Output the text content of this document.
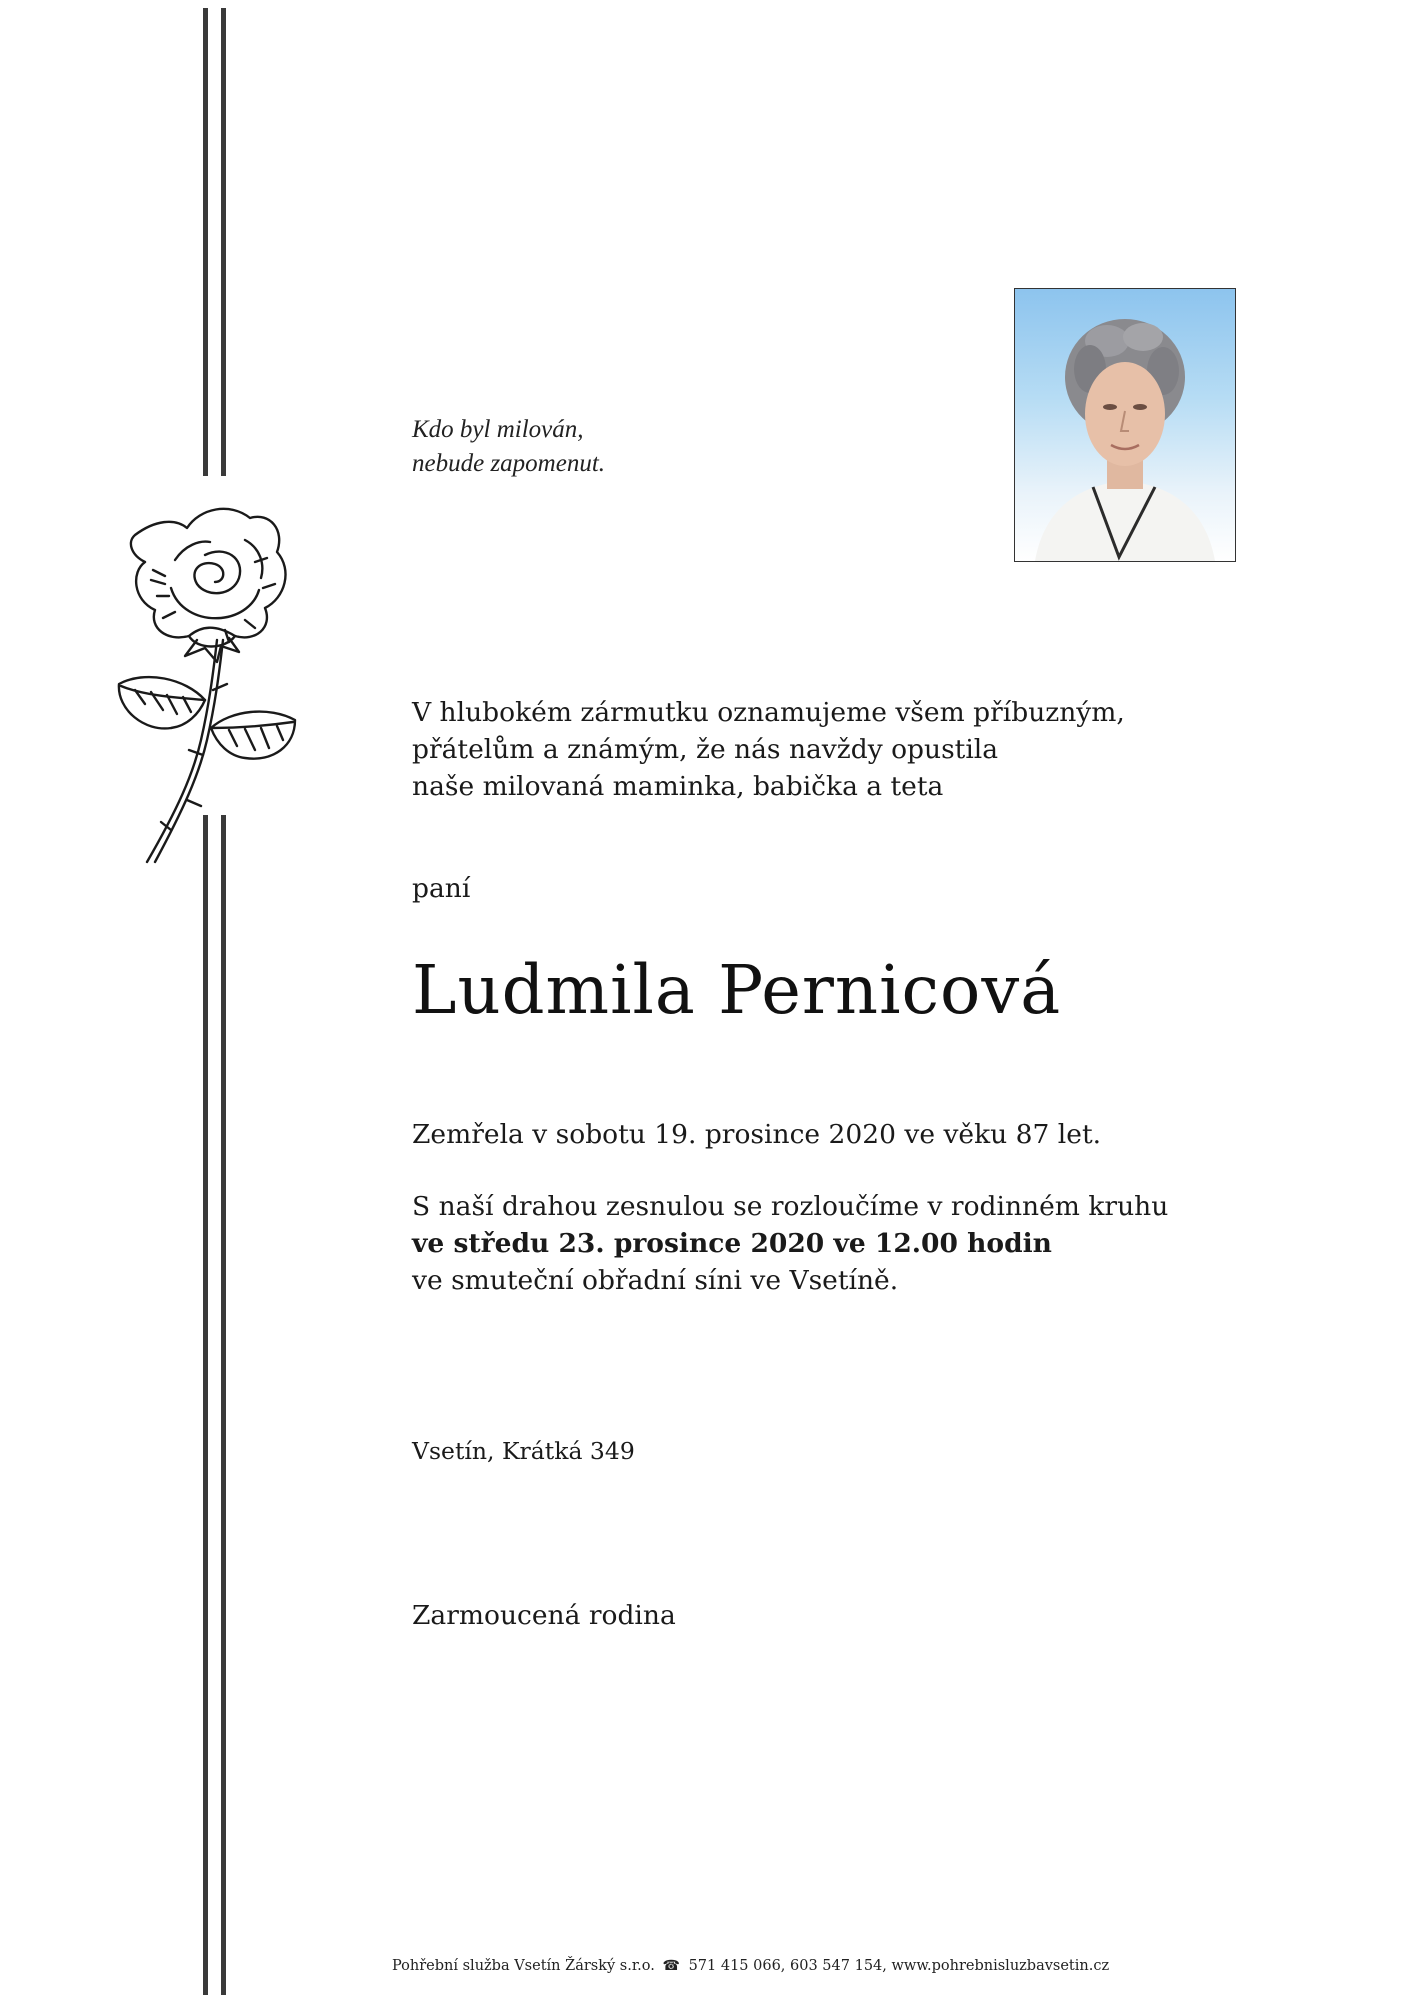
Kdo byl milován,
nebude zapomenut.
V hlubokém zármutku oznamujeme všem příbuzným,
přátelům a známým, že nás navždy opustila
naše milovaná maminka, babička a teta
paní
Ludmila Pernicová
Zemřela v sobotu 19. prosince 2020 ve věku 87 let.
S naší drahou zesnulou se rozloučíme v rodinném kruhu
ve středu 23. prosince 2020 ve 12.00 hodin
ve smuteční obřadní síni ve Vsetíně.
Vsetín, Krátká 349
Zarmoucená rodina
Pohřební služba Vsetín Žárský s.r.o. ☎ 571 415 066, 603 547 154, www.pohrebnisluzbavsetin.cz
